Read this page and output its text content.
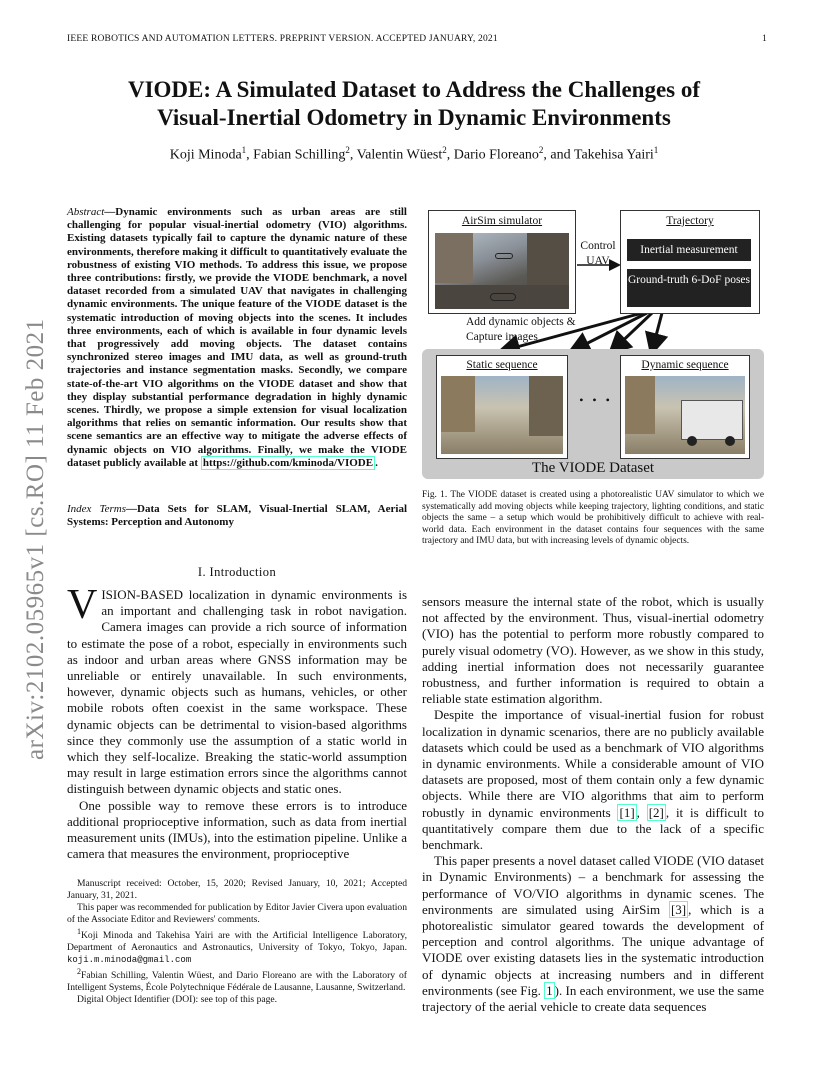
IEEE ROBOTICS AND AUTOMATION LETTERS. PREPRINT VERSION. ACCEPTED JANUARY, 2021	1
arXiv:2102.05965v1 [cs.RO] 11 Feb 2021
VIODE: A Simulated Dataset to Address the Challenges of
Visual-Inertial Odometry in Dynamic Environments
Koji Minoda$^1$, Fabian Schilling$^2$, Valentin Wüest$^2$, Dario Floreano$^2$, and Takehisa Yairi$^1$
Abstract—Dynamic environments such as urban areas are still challenging for popular visual-inertial odometry (VIO) algorithms. Existing datasets typically fail to capture the dynamic nature of these environments, therefore making it difficult to quantitatively evaluate the robustness of existing VIO methods. To address this issue, we propose three contributions: firstly, we provide the VIODE benchmark, a novel dataset recorded from a simulated UAV that navigates in challenging dynamic environments. The unique feature of the VIODE dataset is the systematic introduction of moving objects into the scenes. It includes three environments, each of which is available in four dynamic levels that progressively add moving objects. The dataset contains synchronized stereo images and IMU data, as well as ground-truth trajectories and instance segmentation masks. Secondly, we compare state-of-the-art VIO algorithms on the VIODE dataset and show that they display substantial performance degradation in highly dynamic scenes. Thirdly, we propose a simple extension for visual localization algorithms that relies on semantic information. Our results show that scene semantics are an effective way to mitigate the adverse effects of dynamic objects on VIO algorithms. Finally, we make the VIODE dataset publicly available at https://github.com/kminoda/VIODE .
Index Terms—Data Sets for SLAM, Visual-Inertial SLAM, Aerial Systems: Perception and Autonomy
I. Introduction

VISION-BASED localization in dynamic environments is an important and challenging task in robot navigation. Camera images can provide a rich source of information to estimate the pose of a robot, especially in environments such as indoor and urban areas where GNSS information may be unreliable or entirely unavailable. In such environments, however, dynamic objects such as humans, vehicles, or other mobile robots often coexist in the same workspace. These dynamic objects can be detrimental to vision-based algorithms since they commonly use the assumption of a static world in which they self-localize. Breaking the static-world assumption may result in large estimation errors since the algorithms cannot distinguish between dynamic objects and static ones.

One possible way to remove these errors is to introduce additional proprioceptive information, such as data from inertial measurement units (IMUs), into the estimation pipeline. Unlike a camera that measures the environment, proprioceptive

Manuscript received: October, 15, 2020; Revised January, 10, 2021; Accepted January, 31, 2021.

This paper was recommended for publication by Editor Javier Civera upon evaluation of the Associate Editor and Reviewers' comments.

$^1$Koji Minoda and Takehisa Yairi are with the Artificial Intelligence Laboratory, Department of Aeronautics and Astronautics, University of Tokyo, Tokyo, Japan. koji.m.minoda@gmail.com

$^2$Fabian Schilling, Valentin Wüest, and Dario Floreano are with the Laboratory of Intelligent Systems, École Polytechnique Fédérale de Lausanne, Lausanne, Switzerland.

Digital Object Identifier (DOI): see top of this page.

AirSim simulator
Control UAV
Trajectory
Inertial measurement
Ground-truth 6-DoF poses
Add dynamic objects & Capture images
Static sequence
• • •
Dynamic sequence
The VIODE Dataset
Fig. 1. The VIODE dataset is created using a photorealistic UAV simulator to which we systematically add moving objects while keeping trajectory, lighting conditions, and static objects the same – a setup which would be prohibitively difficult to achieve with real-world data. Each environment in the dataset contains four sequences with the same trajectory and IMU data, but with increasing levels of dynamic objects.

sensors measure the internal state of the robot, which is usually not affected by the environment. Thus, visual-inertial odometry (VIO) has the potential to perform more robustly compared to purely visual odometry (VO). However, as we show in this study, adding inertial information does not necessarily guarantee robustness, and further information is required to obtain a reliable state estimation algorithm.

Despite the importance of visual-inertial fusion for robust localization in dynamic scenarios, there are no publicly available datasets which could be used as a benchmark of VIO algorithms in dynamic environments. While a considerable amount of VIO datasets are proposed, most of them contain only a few dynamic objects. While there are VIO algorithms that aim to perform robustly in dynamic environments [1] , [2] , it is difficult to quantitatively compare them due to the lack of a specific benchmark.

This paper presents a novel dataset called VIODE (VIO dataset in Dynamic Environments) – a benchmark for assessing the performance of VO/VIO algorithms in dynamic scenes. The environments are simulated using AirSim [3] , which is a photorealistic simulator geared towards the development of perception and control algorithms. The unique advantage of VIODE over existing datasets lies in the systematic introduction of dynamic objects at increasing numbers and in different environments (see Fig. 1 ). In each environment, we use the same trajectory of the aerial vehicle to create data sequences
